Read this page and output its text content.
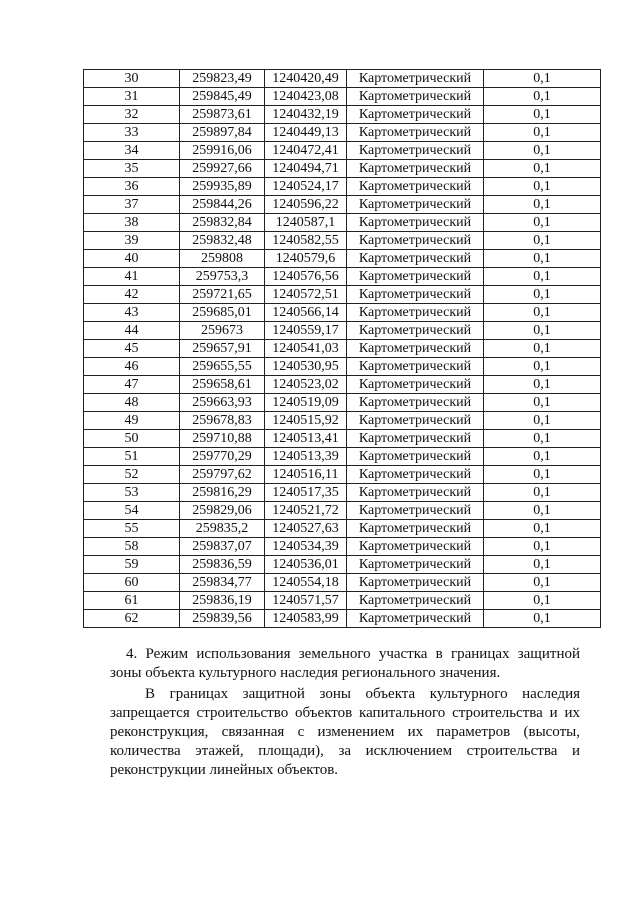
30	259823,49	1240420,49	Картометрический	0,1
31	259845,49	1240423,08	Картометрический	0,1
32	259873,61	1240432,19	Картометрический	0,1
33	259897,84	1240449,13	Картометрический	0,1
34	259916,06	1240472,41	Картометрический	0,1
35	259927,66	1240494,71	Картометрический	0,1
36	259935,89	1240524,17	Картометрический	0,1
37	259844,26	1240596,22	Картометрический	0,1
38	259832,84	1240587,1	Картометрический	0,1
39	259832,48	1240582,55	Картометрический	0,1
40	259808	1240579,6	Картометрический	0,1
41	259753,3	1240576,56	Картометрический	0,1
42	259721,65	1240572,51	Картометрический	0,1
43	259685,01	1240566,14	Картометрический	0,1
44	259673	1240559,17	Картометрический	0,1
45	259657,91	1240541,03	Картометрический	0,1
46	259655,55	1240530,95	Картометрический	0,1
47	259658,61	1240523,02	Картометрический	0,1
48	259663,93	1240519,09	Картометрический	0,1
49	259678,83	1240515,92	Картометрический	0,1
50	259710,88	1240513,41	Картометрический	0,1
51	259770,29	1240513,39	Картометрический	0,1
52	259797,62	1240516,11	Картометрический	0,1
53	259816,29	1240517,35	Картометрический	0,1
54	259829,06	1240521,72	Картометрический	0,1
55	259835,2	1240527,63	Картометрический	0,1
58	259837,07	1240534,39	Картометрический	0,1
59	259836,59	1240536,01	Картометрический	0,1
60	259834,77	1240554,18	Картометрический	0,1
61	259836,19	1240571,57	Картометрический	0,1
62	259839,56	1240583,99	Картометрический	0,1

4. Режим использования земельного участка в границах защитной зоны объекта культурного наследия регионального значения.

В границах защитной зоны объекта культурного наследия запрещается строительство объектов капитального строительства и их реконструкция, связанная с изменением их параметров (высоты, количества этажей, площади), за исключением строительства и реконструкции линейных объектов.
